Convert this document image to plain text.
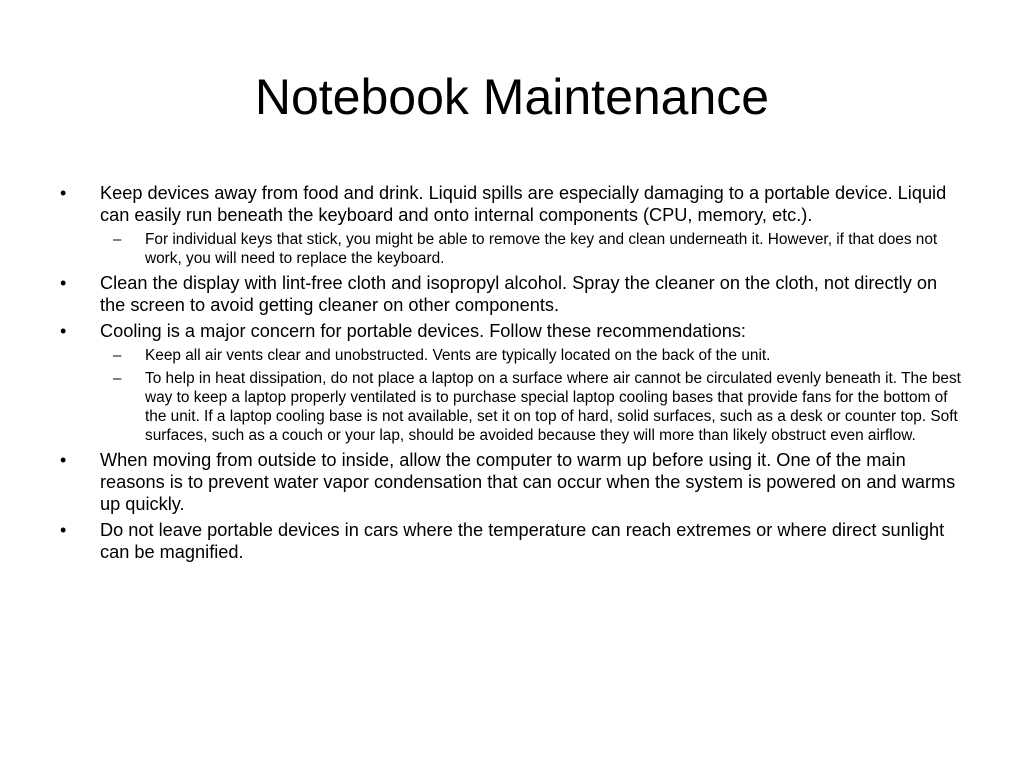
Notebook Maintenance
•	Keep devices away from food and drink. Liquid spills are especially damaging to a portable device. Liquid can easily run beneath the keyboard and onto internal components (CPU, memory, etc.).
–	For individual keys that stick, you might be able to remove the key and clean underneath it. However, if that does not work, you will need to replace the keyboard.
•	Clean the display with lint-free cloth and isopropyl alcohol. Spray the cleaner on the cloth, not directly on the screen to avoid getting cleaner on other components.
•	Cooling is a major concern for portable devices. Follow these recommendations:
–	Keep all air vents clear and unobstructed. Vents are typically located on the back of the unit.
–	To help in heat dissipation, do not place a laptop on a surface where air cannot be circulated evenly beneath it. The best way to keep a laptop properly ventilated is to purchase special laptop cooling bases that provide fans for the bottom of the unit. If a laptop cooling base is not available, set it on top of hard, solid surfaces, such as a desk or counter top. Soft surfaces, such as a couch or your lap, should be avoided because they will more than likely obstruct even airflow.
•	When moving from outside to inside, allow the computer to warm up before using it. One of the main reasons is to prevent water vapor condensation that can occur when the system is powered on and warms up quickly.
•	Do not leave portable devices in cars where the temperature can reach extremes or where direct sunlight can be magnified.
